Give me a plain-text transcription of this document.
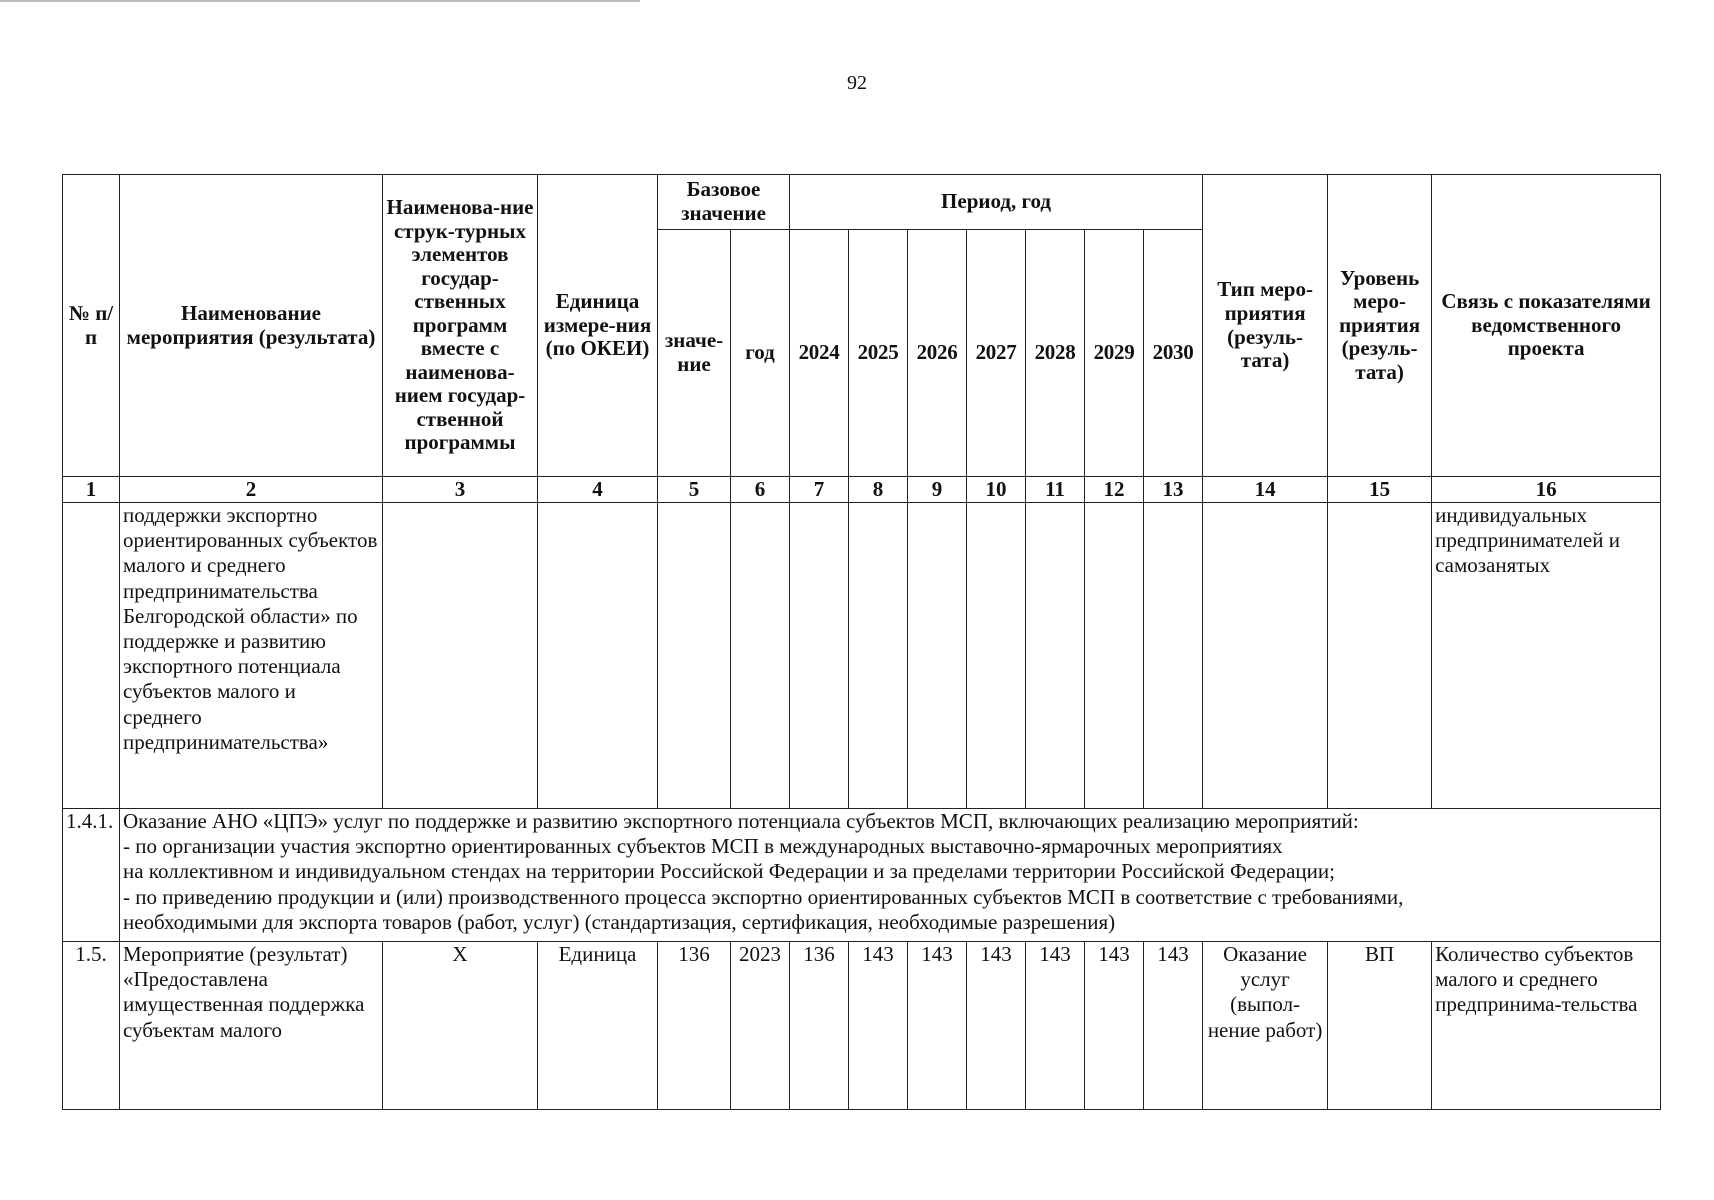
92
№ п/п	Наименование мероприятия (результата)	Наименова-ние струк-турных элементов государ-ственных программ вместе с наименова-нием государ-ственной программы	Единица измере-ния (по ОКЕИ)	Базовое значение		Период, год							Тип меро-приятия (резуль-тата)	Уровень меро-приятия (резуль-тата)	Связь с показателями ведомственного проекта
				значе-ние	год	2024	2025	2026	2027	2028	2029	2030			
1	2	3	4	5	6	7	8	9	10	11	12	13	14	15	16
	поддержки экспортно ориентированных субъектов малого и среднего предпринимательства Белгородской области» по поддержке и развитию экспортного потенциала субъектов малого и среднего предпринимательства»														индивидуальных предпринимателей и самозанятых
1.4.1.	Оказание АНО «ЦПЭ» услуг по поддержке и развитию экспортного потенциала субъектов МСП, включающих реализацию мероприятий:
- по организации участия экспортно ориентированных субъектов МСП в международных выставочно-ярмарочных мероприятиях
на коллективном и индивидуальном стендах на территории Российской Федерации и за пределами территории Российской Федерации;
- по приведению продукции и (или) производственного процесса экспортно ориентированных субъектов МСП в соответствие с требованиями,
необходимыми для экспорта товаров (работ, услуг) (стандартизация, сертификация, необходимые разрешения)														

1.5.	Мероприятие (результат) «Предоставлена имущественная поддержка субъектам малого	Х	Единица	136	2023	136	143	143	143	143	143	143	Оказание услуг (выпол-нение работ)	ВП	Количество субъектов малого и среднего предпринима-тельства
